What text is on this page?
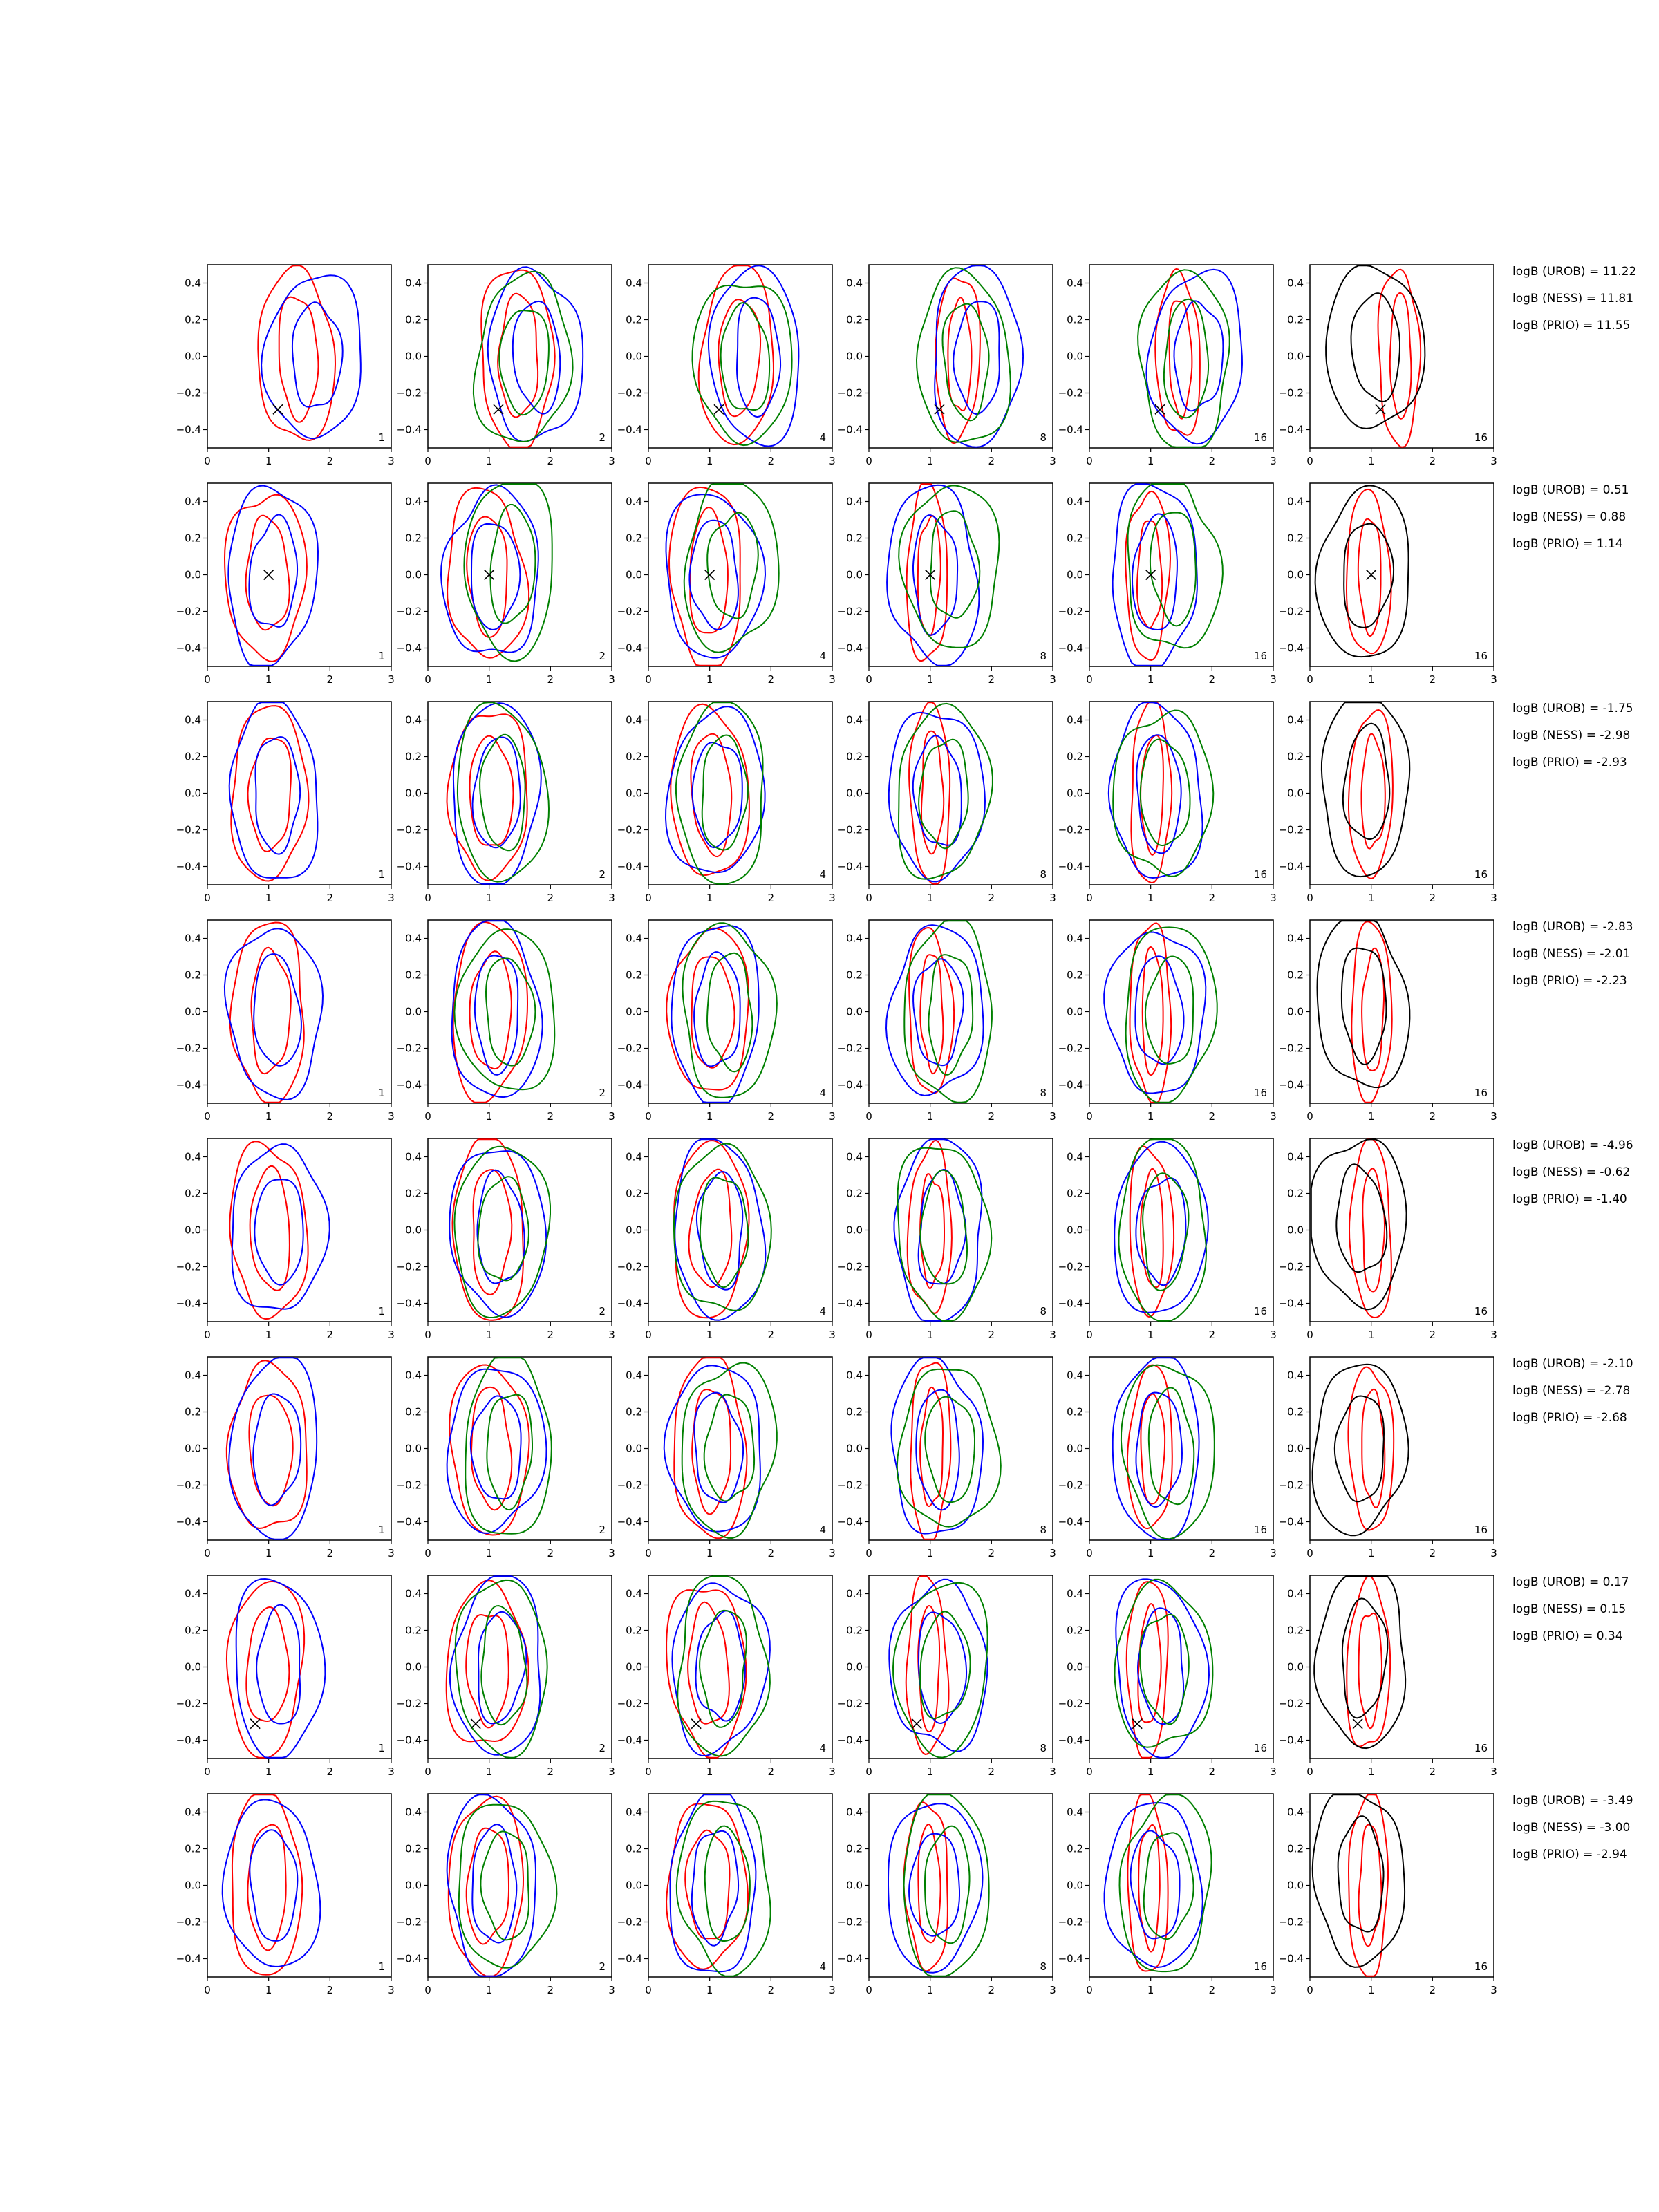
0	1	2	3
−0.4
−0.2
0.0
0.2
0.4
1
0	1	2	3
−0.4
−0.2
0.0
0.2
0.4
2
0	1	2	3
−0.4
−0.2
0.0
0.2
0.4
4
0	1	2	3
−0.4
−0.2
0.0
0.2
0.4
8
0	1	2	3
−0.4
−0.2
0.0
0.2
0.4
16
0	1	2	3
−0.4
−0.2
0.0
0.2
0.4
16
0	1	2	3
−0.4
−0.2
0.0
0.2
0.4
1
0	1	2	3
−0.4
−0.2
0.0
0.2
0.4
2
0	1	2	3
−0.4
−0.2
0.0
0.2
0.4
4
0	1	2	3
−0.4
−0.2
0.0
0.2
0.4
8
0	1	2	3
−0.4
−0.2
0.0
0.2
0.4
16
0	1	2	3
−0.4
−0.2
0.0
0.2
0.4
16
0	1	2	3
−0.4
−0.2
0.0
0.2
0.4
1
0	1	2	3
−0.4
−0.2
0.0
0.2
0.4
2
0	1	2	3
−0.4
−0.2
0.0
0.2
0.4
4
0	1	2	3
−0.4
−0.2
0.0
0.2
0.4
8
0	1	2	3
−0.4
−0.2
0.0
0.2
0.4
16
0	1	2	3
−0.4
−0.2
0.0
0.2
0.4
16
0	1	2	3
−0.4
−0.2
0.0
0.2
0.4
1
0	1	2	3
−0.4
−0.2
0.0
0.2
0.4
2
0	1	2	3
−0.4
−0.2
0.0
0.2
0.4
4
0	1	2	3
−0.4
−0.2
0.0
0.2
0.4
8
0	1	2	3
−0.4
−0.2
0.0
0.2
0.4
16
0	1	2	3
−0.4
−0.2
0.0
0.2
0.4
16
0	1	2	3
−0.4
−0.2
0.0
0.2
0.4
1
0	1	2	3
−0.4
−0.2
0.0
0.2
0.4
2
0	1	2	3
−0.4
−0.2
0.0
0.2
0.4
4
0	1	2	3
−0.4
−0.2
0.0
0.2
0.4
8
0	1	2	3
−0.4
−0.2
0.0
0.2
0.4
16
0	1	2	3
−0.4
−0.2
0.0
0.2
0.4
16
0	1	2	3
−0.4
−0.2
0.0
0.2
0.4
1
0	1	2	3
−0.4
−0.2
0.0
0.2
0.4
2
0	1	2	3
−0.4
−0.2
0.0
0.2
0.4
4
0	1	2	3
−0.4
−0.2
0.0
0.2
0.4
8
0	1	2	3
−0.4
−0.2
0.0
0.2
0.4
16
0	1	2	3
−0.4
−0.2
0.0
0.2
0.4
16
0	1	2	3
−0.4
−0.2
0.0
0.2
0.4
1
0	1	2	3
−0.4
−0.2
0.0
0.2
0.4
2
0	1	2	3
−0.4
−0.2
0.0
0.2
0.4
4
0	1	2	3
−0.4
−0.2
0.0
0.2
0.4
8
0	1	2	3
−0.4
−0.2
0.0
0.2
0.4
16
0	1	2	3
−0.4
−0.2
0.0
0.2
0.4
16
0	1	2	3
−0.4
−0.2
0.0
0.2
0.4
1
0	1	2	3
−0.4
−0.2
0.0
0.2
0.4
2
0	1	2	3
−0.4
−0.2
0.0
0.2
0.4
4
0	1	2	3
−0.4
−0.2
0.0
0.2
0.4
8
0	1	2	3
−0.4
−0.2
0.0
0.2
0.4
16
0	1	2	3
−0.4
−0.2
0.0
0.2
0.4
16
logB (UROB) = 11.22
logB (NESS) = 11.81
logB (PRIO) = 11.55
logB (UROB) = 0.51
logB (NESS) = 0.88
logB (PRIO) = 1.14
logB (UROB) = -1.75
logB (NESS) = -2.98
logB (PRIO) = -2.93
logB (UROB) = -2.83
logB (NESS) = -2.01
logB (PRIO) = -2.23
logB (UROB) = -4.96
logB (NESS) = -0.62
logB (PRIO) = -1.40
logB (UROB) = -2.10
logB (NESS) = -2.78
logB (PRIO) = -2.68
logB (UROB) = 0.17
logB (NESS) = 0.15
logB (PRIO) = 0.34
logB (UROB) = -3.49
logB (NESS) = -3.00
logB (PRIO) = -2.94
